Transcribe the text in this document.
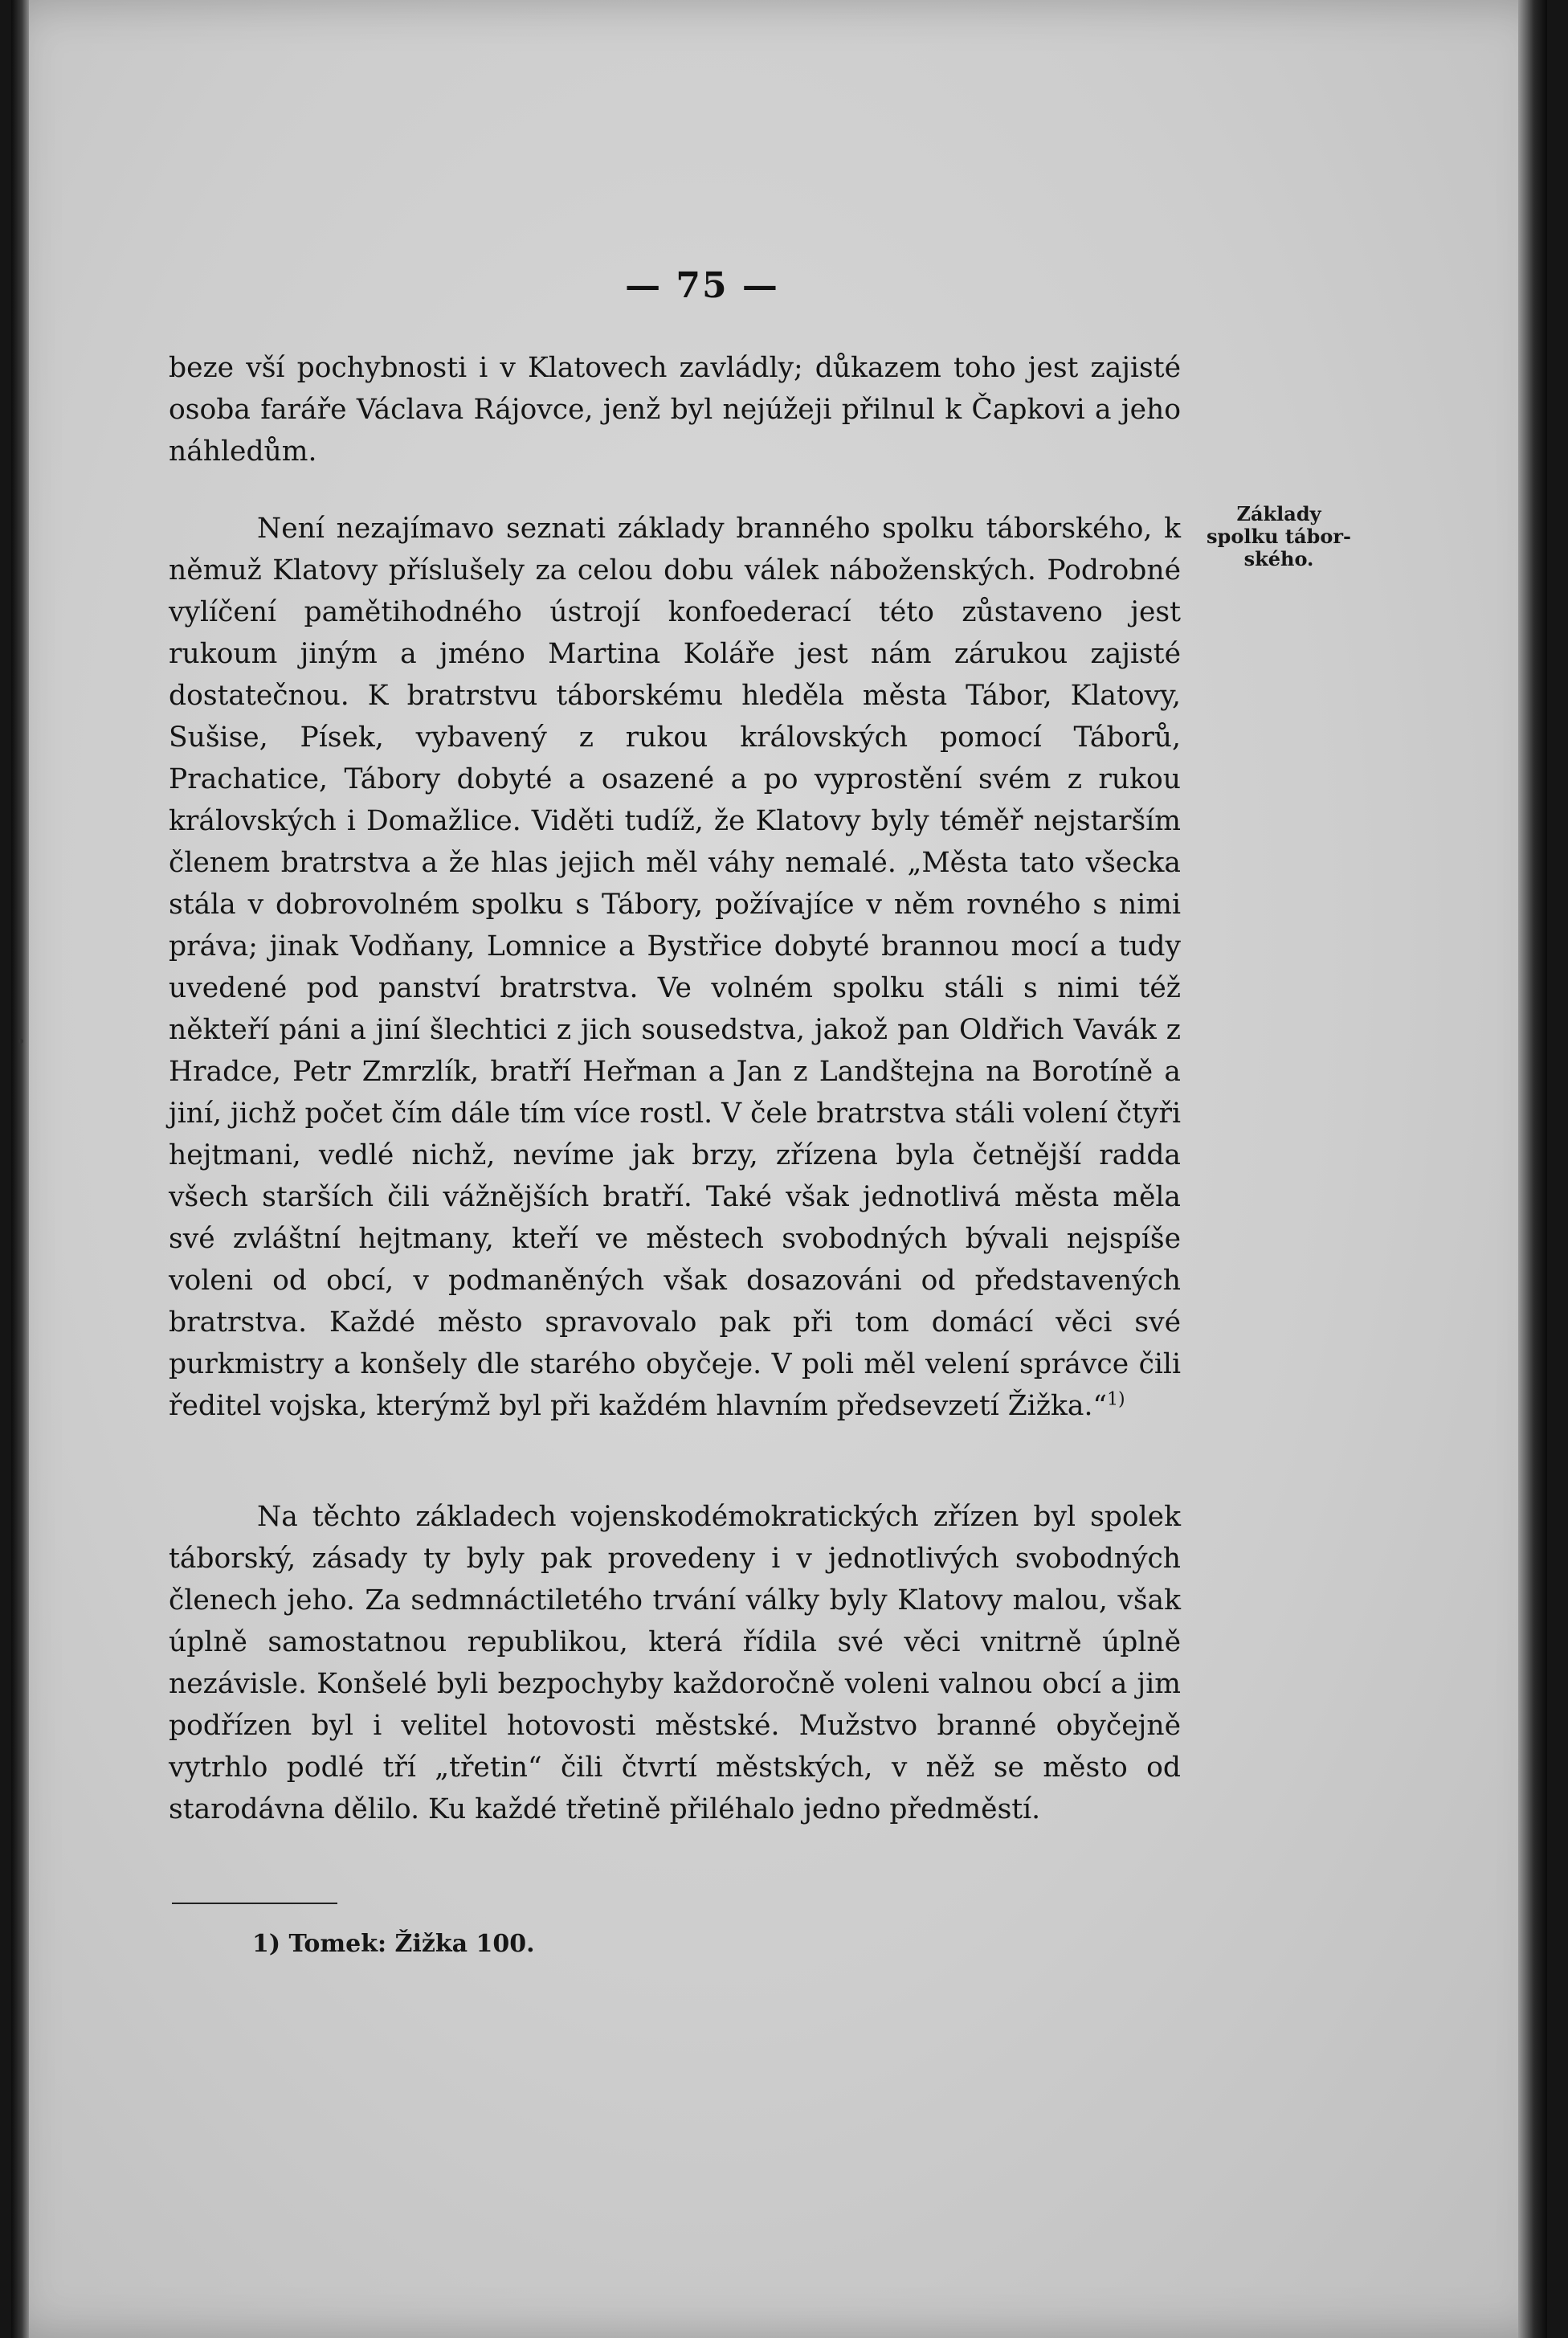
— 75 —

beze vší pochybnosti i v Klatovech zavládly; důkazem toho jest zajisté osoba faráře Václava Rájovce, jenž byl nejúžeji přilnul k Čapkovi a jeho náhledům.

Není nezajímavo seznati základy branného spolku táborského, k němuž Klatovy příslušely za celou dobu válek náboženských. Podrobné vylíčení pamětihodného ústrojí konfoederací této zůstaveno jest rukoum jiným a jméno Martina Koláře jest nám zárukou zajisté dostatečnou. K bratrstvu táborskému hleděla města Tábor, Klatovy, Sušise, Písek, vybavený z rukou královských pomocí Táborů, Prachatice, Tábory dobyté a osazené a po vyprostění svém z rukou královských i Domažlice. Viděti tudíž, že Klatovy byly téměř nejstarším členem bratrstva a že hlas jejich měl váhy nemalé. „Města tato všecka stála v dobrovolném spolku s Tábory, požívajíce v něm rovného s nimi práva; jinak Vodňany, Lomnice a Bystřice dobyté brannou mocí a tudy uvedené pod panství bratrstva. Ve volném spolku stáli s nimi též někteří páni a jiní šlechtici z jich sousedstva, jakož pan Oldřich Vavák z Hradce, Petr Zmrzlík, bratří Heřman a Jan z Landštejna na Borotíně a jiní, jichž počet čím dále tím více rostl. V čele bratrstva stáli volení čtyři hejtmani, vedlé nichž, nevíme jak brzy, zřízena byla četnější radda všech starších čili vážnějších bratří. Také však jednotlivá města měla své zvláštní hejtmany, kteří ve městech svobodných bývali nejspíše voleni od obcí, v podmaněných však dosazováni od představených bratrstva. Každé město spravovalo pak při tom domácí věci své purkmistry a konšely dle starého obyčeje. V poli měl velení správce čili ředitel vojska, kterýmž byl při každém hlavním předsevzetí Žižka.“$^{1)}$

Základy
spolku tábor-
ského.

Na těchto základech vojenskodémokratických zřízen byl spolek táborský, zásady ty byly pak provedeny i v jednotlivých svobodných členech jeho. Za sedmnáctiletého trvání války byly Klatovy malou, však úplně samostatnou republikou, která řídila své věci vnitrně úplně nezávisle. Konšelé byli bezpochyby každoročně voleni valnou obcí a jim podřízen byl i velitel hotovosti městské. Mužstvo branné obyčejně vytrhlo podlé tří „třetin“ čili čtvrtí městských, v něž se město od starodávna dělilo. Ku každé třetině přiléhalo jedno předměstí.

1) Tomek: Žižka 100.
•
